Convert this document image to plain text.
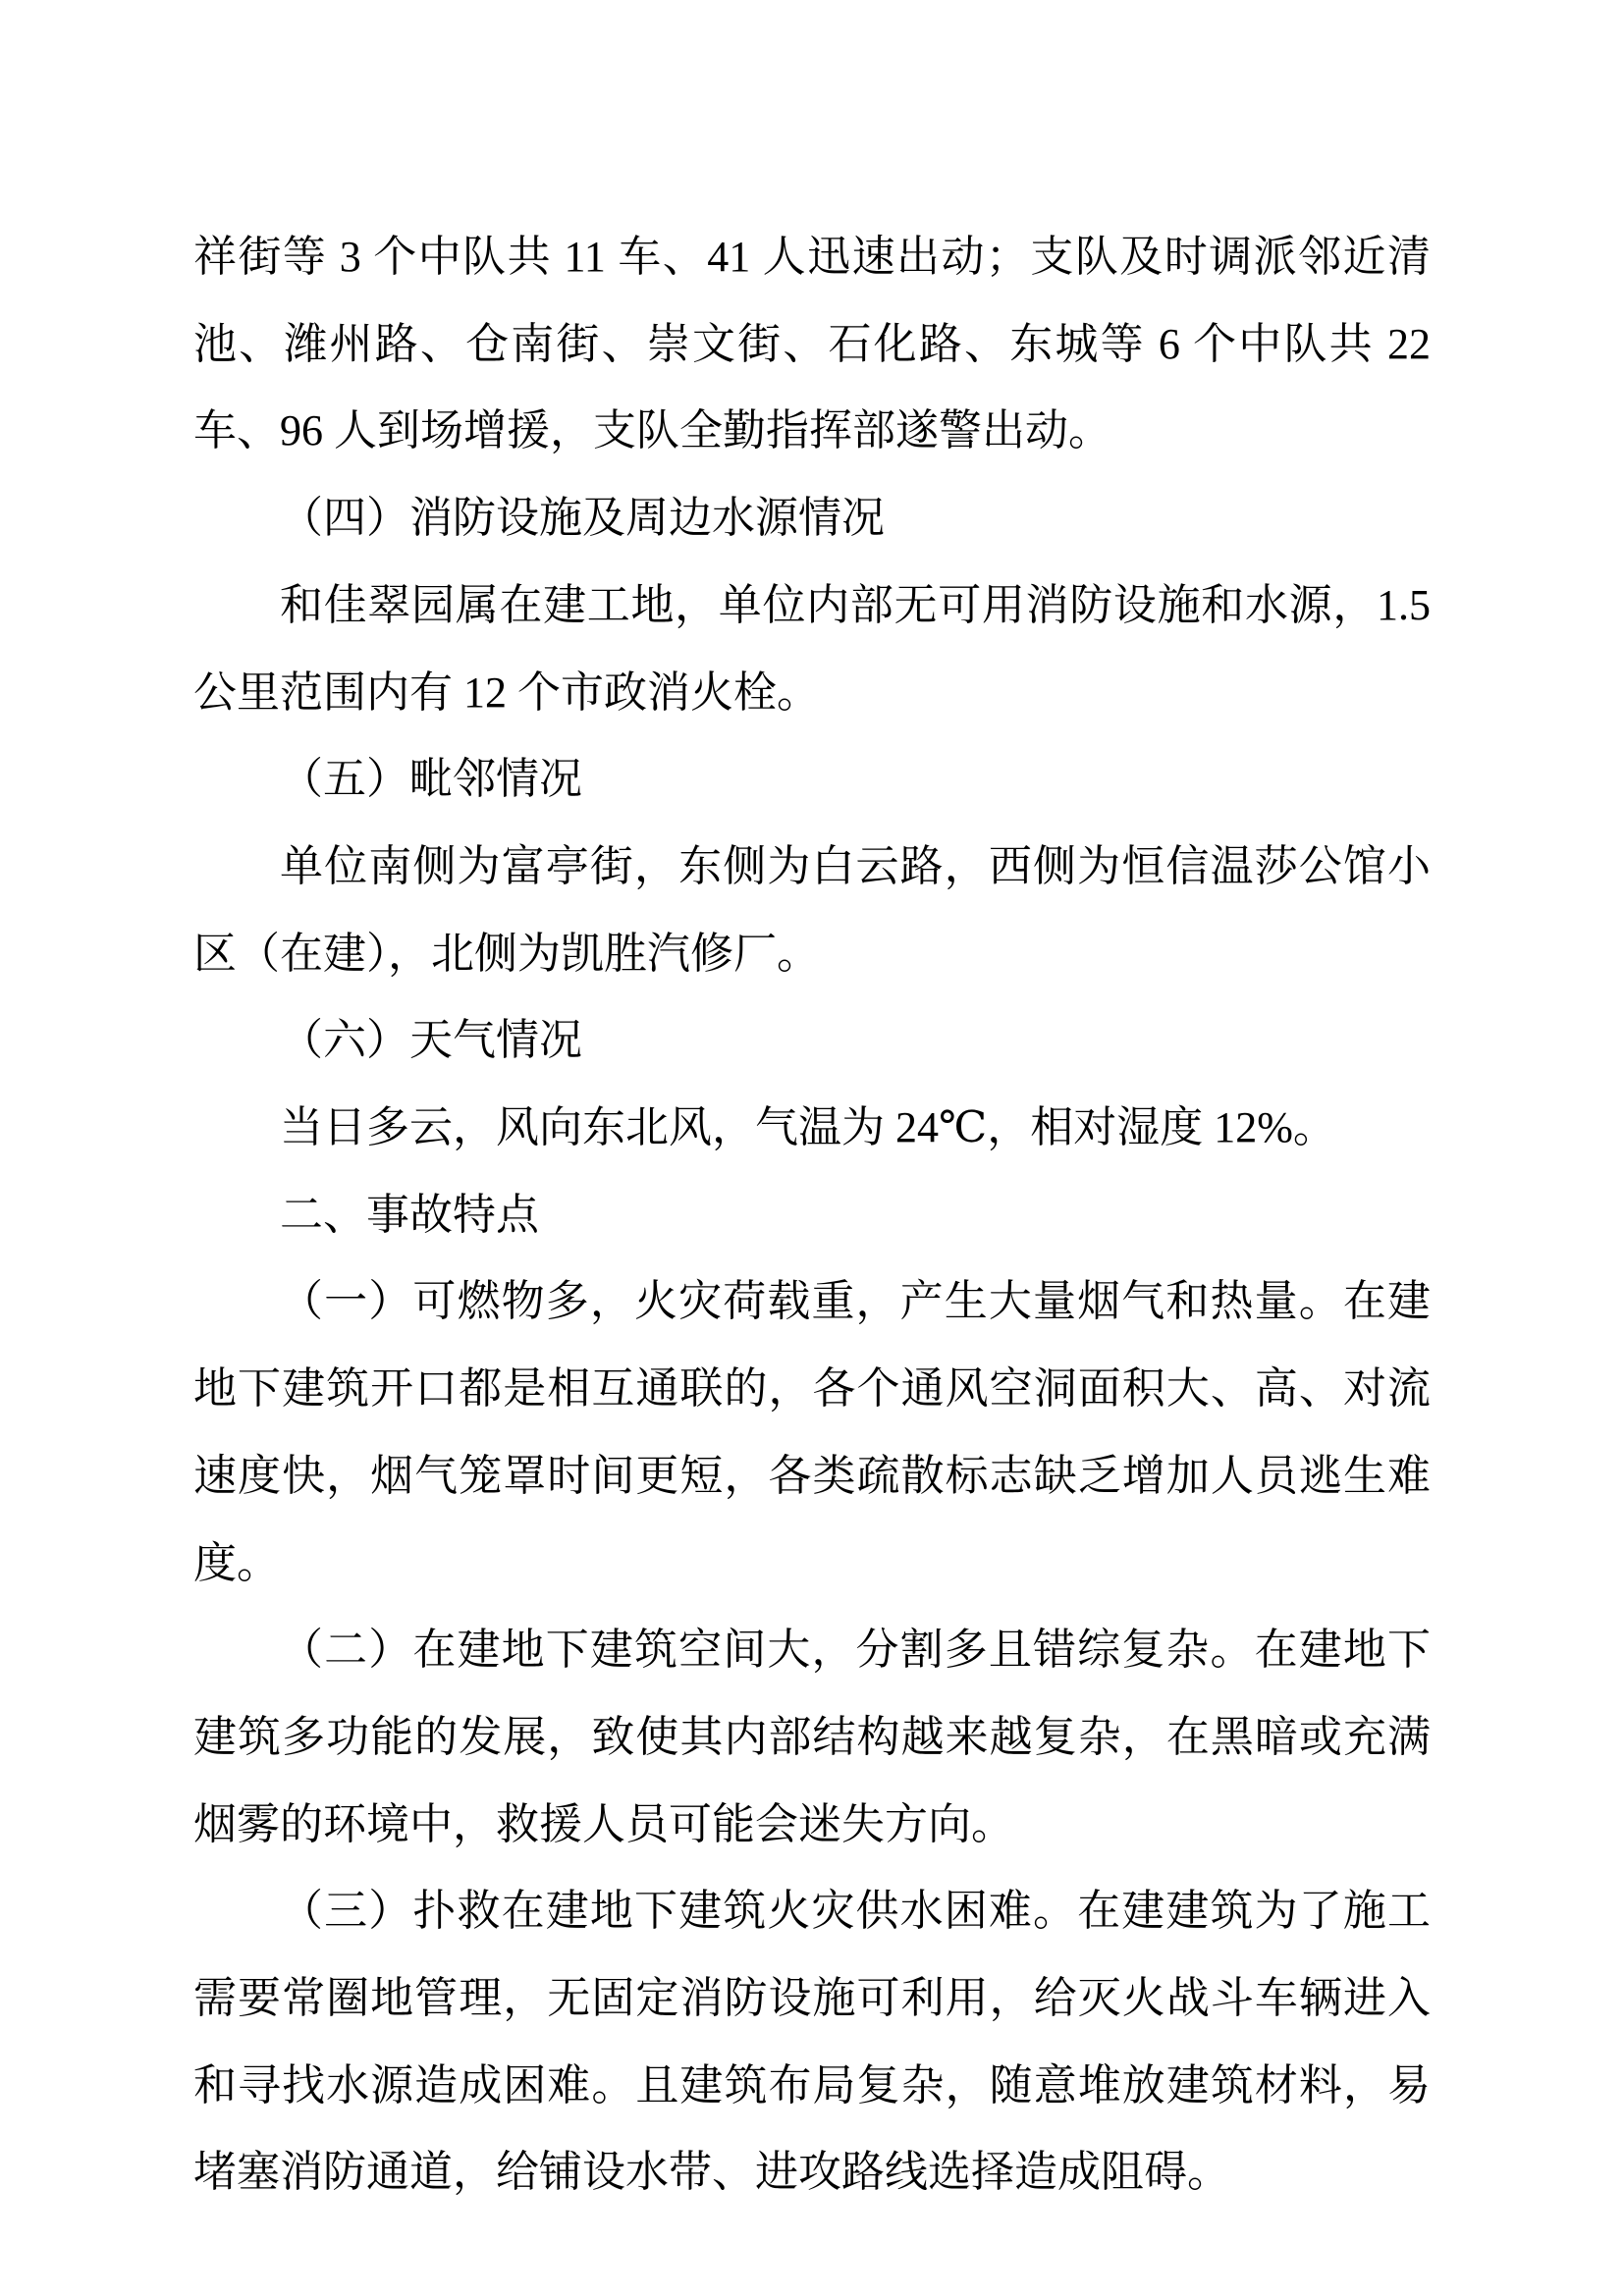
祥街等 3 个中队共 11 车、41 人迅速出动；支队及时调派邻近清池、潍州路、仓南街、崇文街、石化路、东城等 6 个中队共 22 车、96 人到场增援，支队全勤指挥部遂警出动。

（四）消防设施及周边水源情况

和佳翠园属在建工地，单位内部无可用消防设施和水源，1.5 公里范围内有 12 个市政消火栓。

（五）毗邻情况

单位南侧为富亭街，东侧为白云路，西侧为恒信温莎公馆小区（在建），北侧为凯胜汽修厂。

（六）天气情况

当日多云，风向东北风，气温为 24℃，相对湿度 12%。

二、事故特点

（一）可燃物多，火灾荷载重，产生大量烟气和热量。在建地下建筑开口都是相互通联的，各个通风空洞面积大、高、对流速度快，烟气笼罩时间更短，各类疏散标志缺乏增加人员逃生难度。

（二）在建地下建筑空间大，分割多且错综复杂。在建地下建筑多功能的发展，致使其内部结构越来越复杂，在黑暗或充满烟雾的环境中，救援人员可能会迷失方向。

（三）扑救在建地下建筑火灾供水困难。在建建筑为了施工需要常圈地管理，无固定消防设施可利用，给灭火战斗车辆进入和寻找水源造成困难。且建筑布局复杂，随意堆放建筑材料，易堵塞消防通道，给铺设水带、进攻路线选择造成阻碍。
